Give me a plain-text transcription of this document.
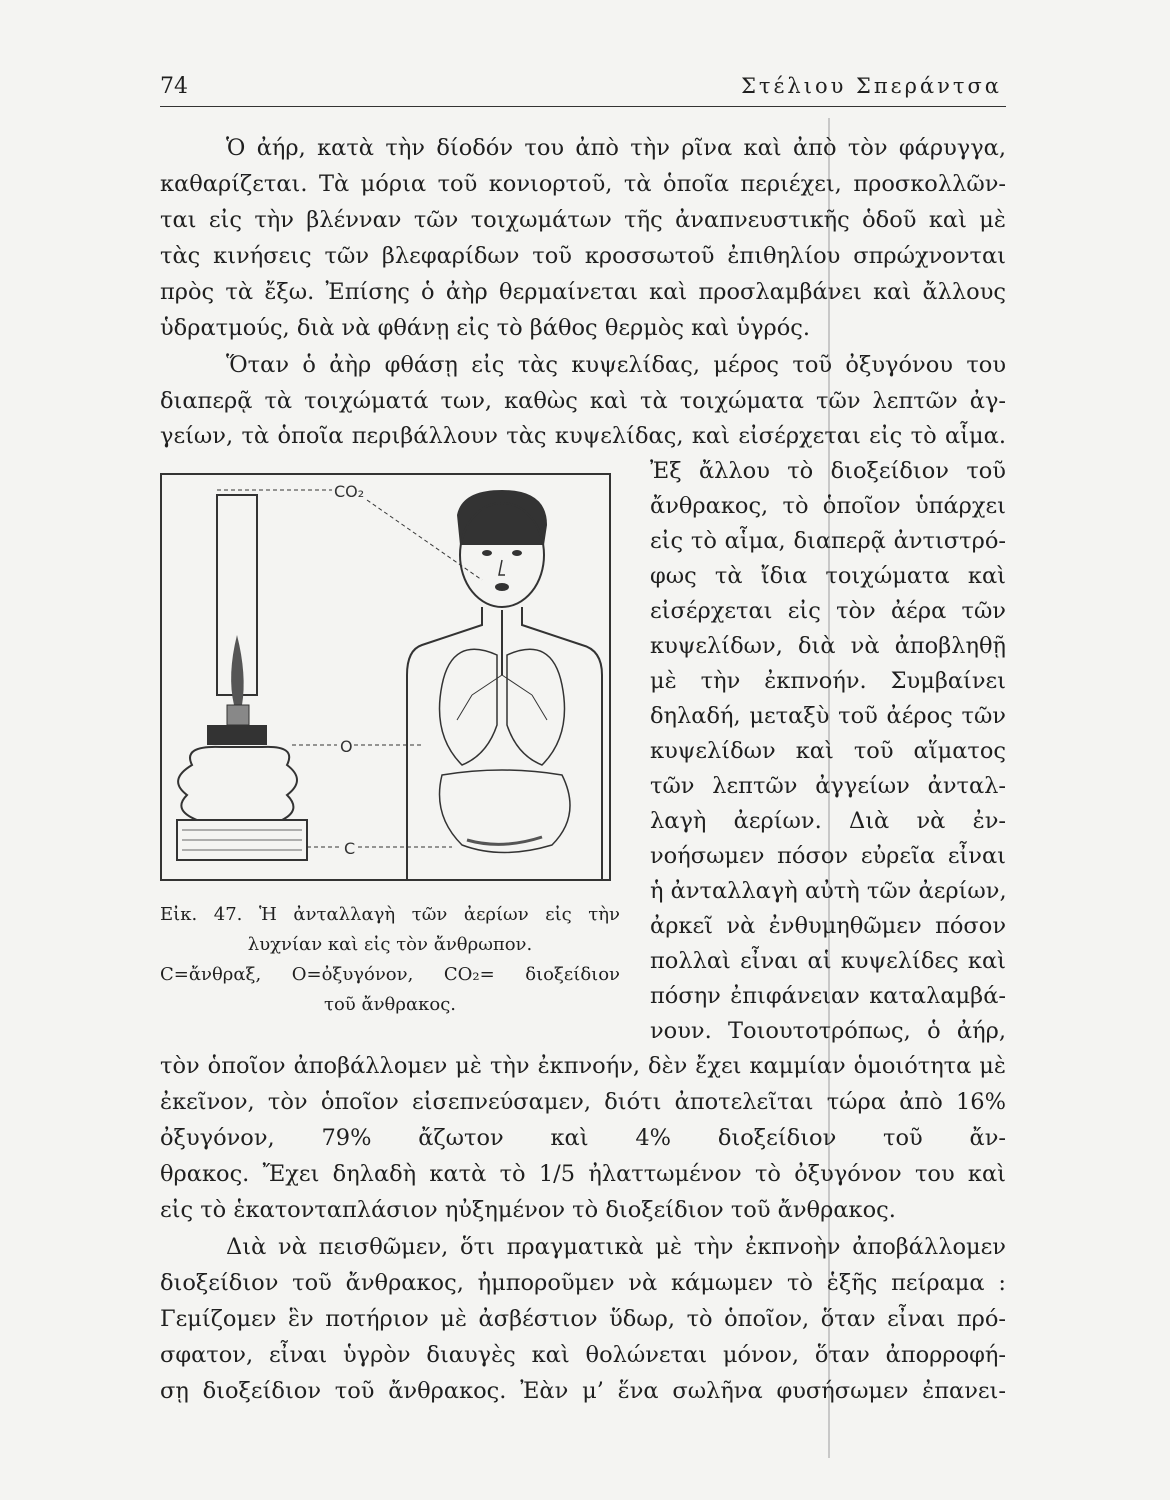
74	Στέλιου Σπεράντσα
Ὁ ἀήρ, κατὰ τὴν δίοδόν του ἀπὸ τὴν ρῖνα καὶ ἀπὸ τὸν φάρυγγα,
καθαρίζεται. Τὰ μόρια τοῦ κονιορτοῦ, τὰ ὁποῖα περιέχει, προσκολλῶν-
ται εἰς τὴν βλένναν τῶν τοιχωμάτων τῆς ἀναπνευστικῆς ὁδοῦ καὶ μὲ
τὰς κινήσεις τῶν βλεφαρίδων τοῦ κροσσωτοῦ ἐπιθηλίου σπρώχνονται
πρὸς τὰ ἔξω. Ἐπίσης ὁ ἀὴρ θερμαίνεται καὶ προσλαμβάνει καὶ ἄλλους
ὑδρατμούς, διὰ νὰ φθάνῃ εἰς τὸ βάθος θερμὸς καὶ ὑγρός.
Ὅταν ὁ ἀὴρ φθάσῃ εἰς τὰς κυψελίδας, μέρος τοῦ ὀξυγόνου του
διαπερᾷ τὰ τοιχώματά των, καθὼς καὶ τὰ τοιχώματα τῶν λεπτῶν ἀγ-
γείων, τὰ ὁποῖα περιβάλλουν τὰς κυψελίδας, καὶ εἰσέρχεται εἰς τὸ αἷμα.
Ἐξ ἄλλου τὸ διοξείδιον τοῦ
ἄνθρακος, τὸ ὁποῖον ὑπάρχει
εἰς τὸ αἷμα, διαπερᾷ ἀντιστρό-
φως τὰ ἴδια τοιχώματα καὶ
εἰσέρχεται εἰς τὸν ἀέρα τῶν
κυψελίδων, διὰ νὰ ἀποβληθῇ
μὲ τὴν ἐκπνοήν. Συμβαίνει
δηλαδή, μεταξὺ τοῦ ἀέρος τῶν
κυψελίδων καὶ τοῦ αἵματος
τῶν λεπτῶν ἀγγείων ἀνταλ-
λαγὴ ἀερίων. Διὰ νὰ ἐν-
νοήσωμεν πόσον εὐρεῖα εἶναι
ἡ ἀνταλλαγὴ αὐτὴ τῶν ἀερίων,
ἀρκεῖ νὰ ἐνθυμηθῶμεν πόσον
πολλαὶ εἶναι αἱ κυψελίδες καὶ
πόσην ἐπιφάνειαν καταλαμβά-
νουν. Τοιουτοτρόπως, ὁ ἀήρ,
τὸν ὁποῖον ἀποβάλλομεν μὲ τὴν ἐκπνοήν, δὲν ἔχει καμμίαν ὁμοιότητα μὲ
ἐκεῖνον, τὸν ὁποῖον εἰσεπνεύσαμεν, διότι ἀποτελεῖται τώρα ἀπὸ 16%
ὀξυγόνον, 79% ἄζωτον καὶ 4% διοξείδιον τοῦ ἄν-
θρακος. Ἔχει δηλαδὴ κατὰ τὸ 1/5 ἠλαττωμένον τὸ ὀξυγόνον του καὶ
εἰς τὸ ἑκατονταπλάσιον ηὐξημένον τὸ διοξείδιον τοῦ ἄνθρακος.
Διὰ νὰ πεισθῶμεν, ὅτι πραγματικὰ μὲ τὴν ἐκπνοὴν ἀποβάλλομεν
διοξείδιον τοῦ ἄνθρακος, ἠμποροῦμεν νὰ κάμωμεν τὸ ἑξῆς πείραμα :
Γεμίζομεν ἓν ποτήριον μὲ ἀσβέστιον ὕδωρ, τὸ ὁποῖον, ὅταν εἶναι πρό-
σφατον, εἶναι ὑγρὸν διαυγὲς καὶ θολώνεται μόνον, ὅταν ἀπορροφή-
σῃ διοξείδιον τοῦ ἄνθρακος. Ἐὰν μ’ ἕνα σωλῆνα φυσήσωμεν ἐπανει-
CO₂
O
C
Εἰκ. 47. Ἡ ἀνταλλαγὴ τῶν ἀερίων εἰς τὴν
λυχνίαν καὶ εἰς τὸν ἄνθρωπον.
C=ἄνθραξ, O=ὀξυγόνον, CO₂= διοξείδιον
τοῦ ἄνθρακος.
